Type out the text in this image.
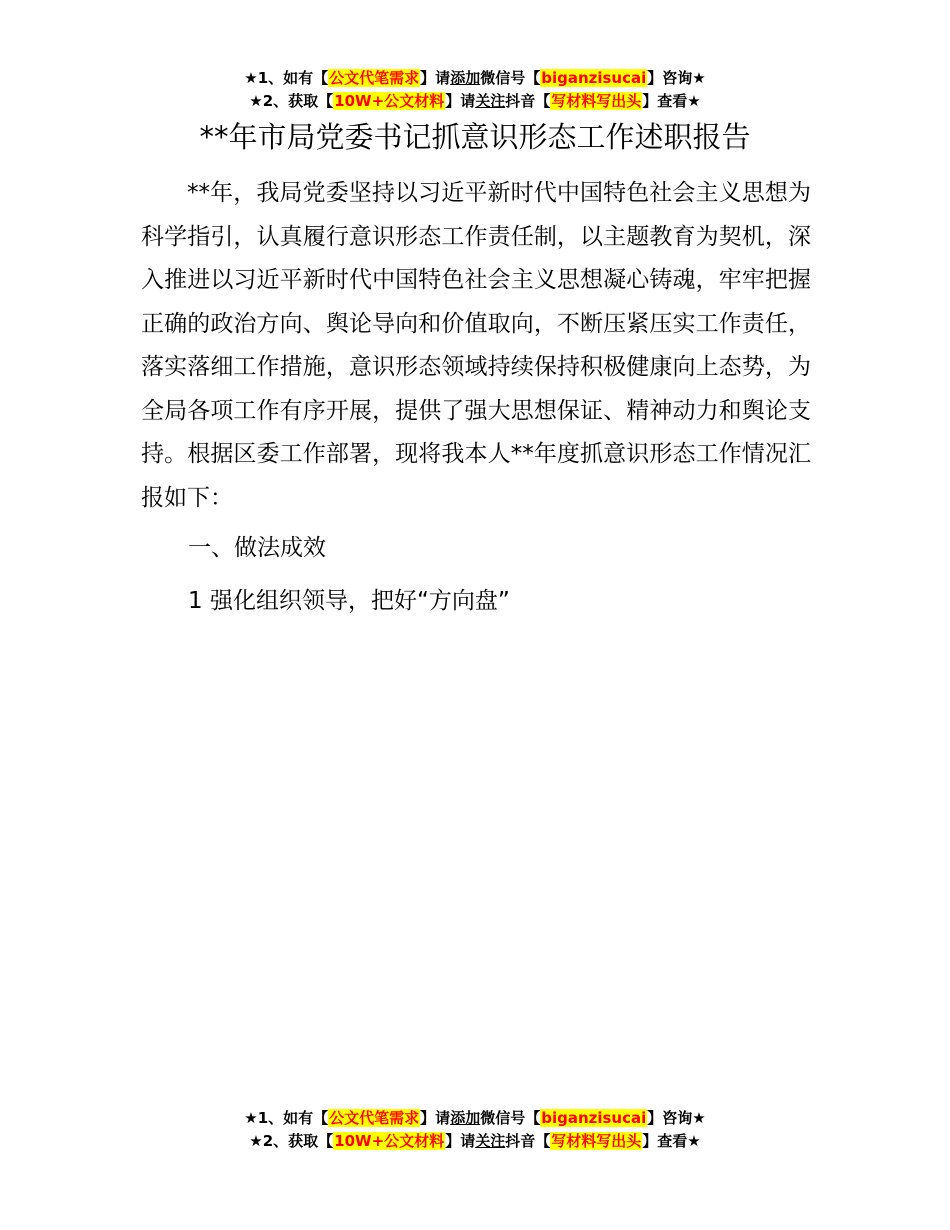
★1、如有【公文代笔需求】请添加微信号【biganzisucai】咨询★
★2、获取【10W+公文材料】请关注抖音【写材料写出头】查看★
**年市局党委书记抓意识形态工作述职报告
**年，我局党委坚持以习近平新时代中国特色社会主义思想为科学指引，认真履行意识形态工作责任制，以主题教育为契机，深入推进以习近平新时代中国特色社会主义思想凝心铸魂，牢牢把握正确的政治方向、舆论导向和价值取向，不断压紧压实工作责任，落实落细工作措施，意识形态领域持续保持积极健康向上态势，为全局各项工作有序开展，提供了强大思想保证、精神动力和舆论支持。根据区委工作部署，现将我本人**年度抓意识形态工作情况汇报如下：
一、做法成效
1 强化组织领导，把好“方向盘”
★1、如有【公文代笔需求】请添加微信号【biganzisucai】咨询★
★2、获取【10W+公文材料】请关注抖音【写材料写出头】查看★
